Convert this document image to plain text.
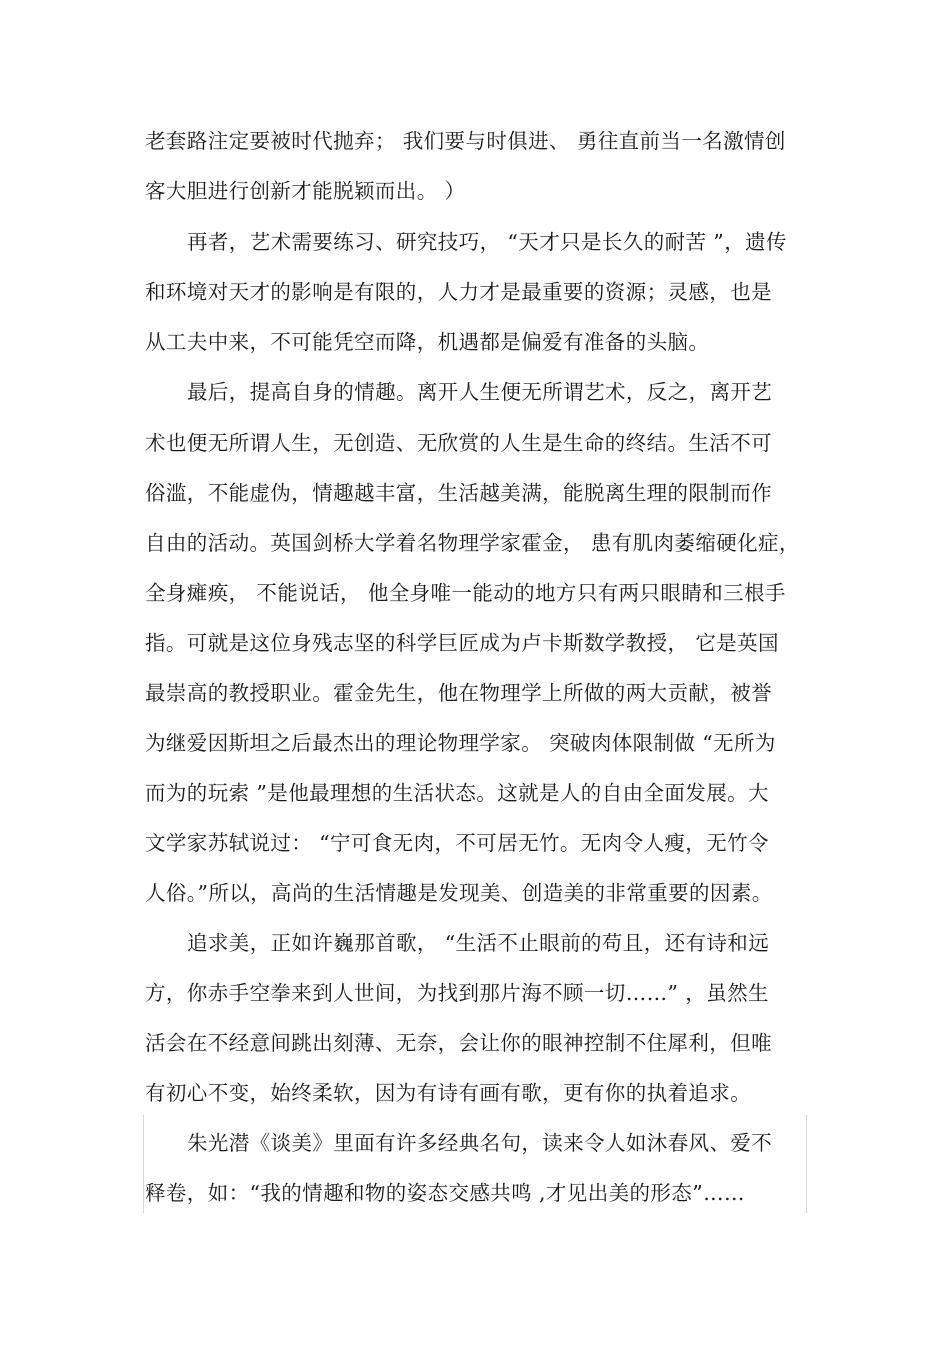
老套路注定要被时代抛弃； 我们要与时俱进、 勇往直前当一名激情创
客大胆进行创新才能脱颖而出。 ）
再者，艺术需要练习、研究技巧， “天才只是长久的耐苦 ”，遗传
和环境对天才的影响是有限的，人力才是最重要的资源；灵感，也是
从工夫中来，不可能凭空而降，机遇都是偏爱有准备的头脑。
最后，提高自身的情趣。离开人生便无所谓艺术，反之，离开艺
术也便无所谓人生，无创造、无欣赏的人生是生命的终结。生活不可
俗滥，不能虚伪，情趣越丰富，生活越美满，能脱离生理的限制而作
自由的活动。英国剑桥大学着名物理学家霍金， 患有肌肉萎缩硬化症，
全身瘫痪， 不能说话， 他全身唯一能动的地方只有两只眼睛和三根手
指。可就是这位身残志坚的科学巨匠成为卢卡斯数学教授， 它是英国
最崇高的教授职业。霍金先生，他在物理学上所做的两大贡献，被誉
为继爱因斯坦之后最杰出的理论物理学家。 突破肉体限制做 “无所为
而为的玩索 ”是他最理想的生活状态。这就是人的自由全面发展。大
文学家苏轼说过： “宁可食无肉，不可居无竹。无肉令人瘦，无竹令
人俗。”所以，高尚的生活情趣是发现美、创造美的非常重要的因素。
追求美，正如许巍那首歌， “生活不止眼前的苟且，还有诗和远
方，你赤手空拳来到人世间，为找到那片海不顾一切……” ，虽然生
活会在不经意间跳出刻薄、无奈，会让你的眼神控制不住犀利，但唯
有初心不变，始终柔软，因为有诗有画有歌，更有你的执着追求。
朱光潜《谈美》里面有许多经典名句，读来令人如沐春风、爱不
释卷，如：“我的情趣和物的姿态交感共鸣 ,才见出美的形态”……
